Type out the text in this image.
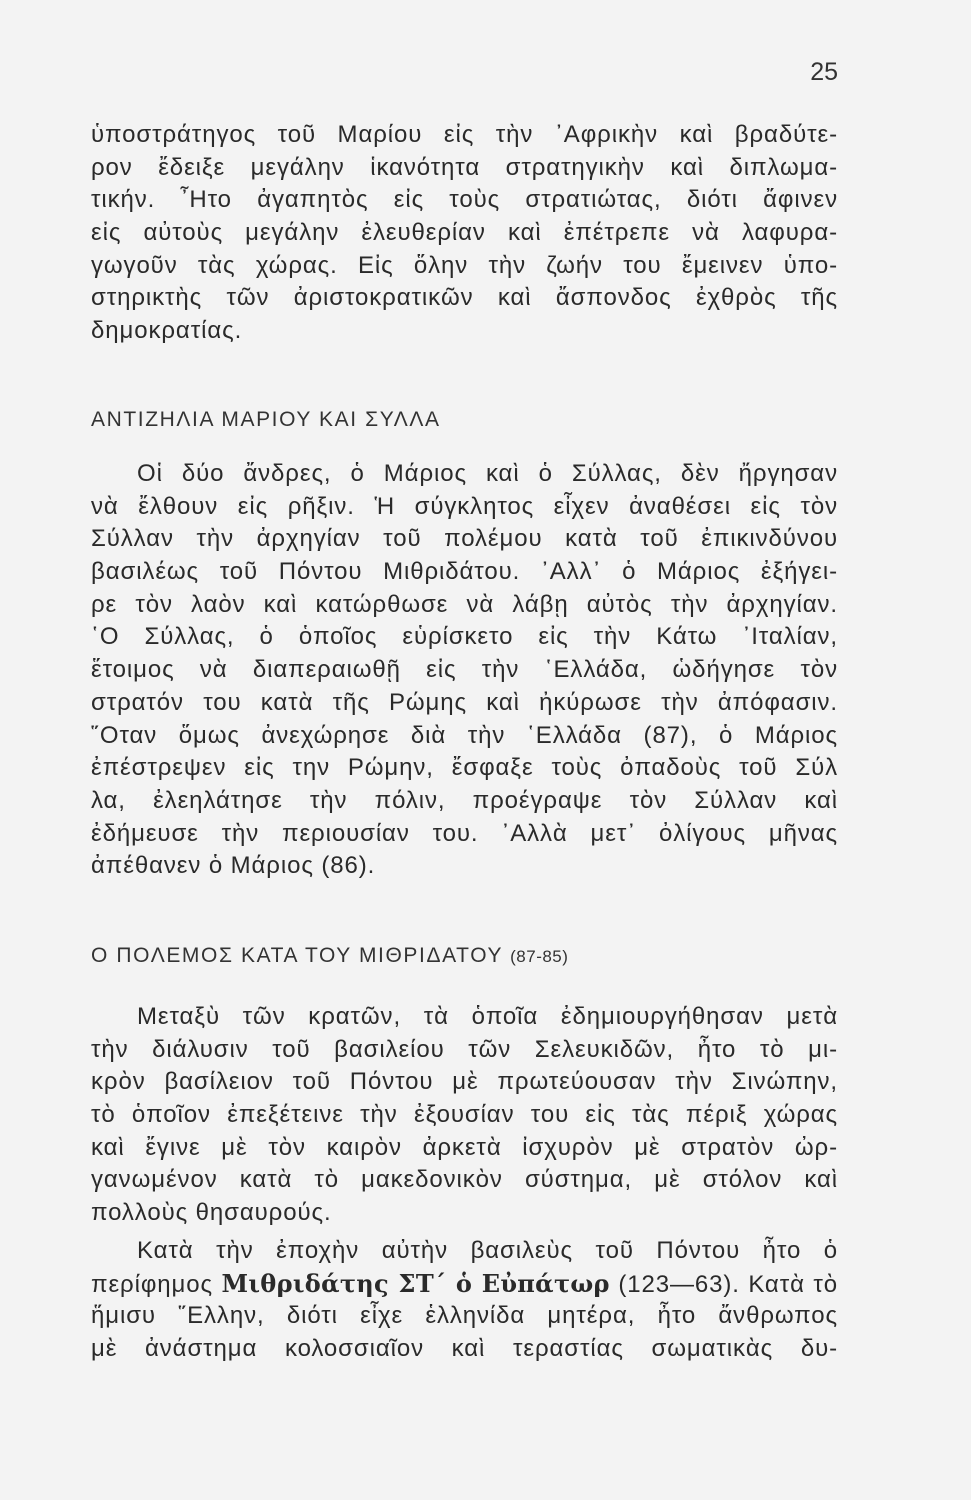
25
ὑποστράτηγος τοῦ Μαρίου εἰς τὴν ᾿Αφρικὴν καὶ βραδύτε-
ρον ἔδειξε μεγάλην ἱκανότητα στρατηγικὴν καὶ διπλωμα-
τικήν. ῏Ητο ἀγαπητὸς εἰς τοὺς στρατιώτας, διότι ἄφινεν
εἰς αὐτοὺς μεγάλην ἐλευθερίαν καὶ ἐπέτρεπε νὰ λαφυρα-
γωγοῦν τὰς χώρας. Εἰς ὅλην τὴν ζωήν του ἔμεινεν ὑπο-
στηρικτὴς τῶν ἀριστοκρατικῶν καὶ ἄσπονδος ἐχθρὸς τῆς
δημοκρατίας.
ΑΝΤΙΖΗΛΙΑ ΜΑΡΙΟΥ ΚΑΙ ΣΥΛΛΑ
Οἱ δύο ἄνδρες, ὁ Μάριος καὶ ὁ Σύλλας, δὲν ἤργησαν
νὰ ἔλθουν εἰς ρῆξιν. Ἡ σύγκλητος εἶχεν ἀναθέσει εἰς τὸν
Σύλλαν τὴν ἀρχηγίαν τοῦ πολέμου κατὰ τοῦ ἐπικινδύνου
βασιλέως τοῦ Πόντου Μιθριδάτου. ᾿Αλλ᾿ ὁ Μάριος ἐξήγει-
ρε τὸν λαὸν καὶ κατώρθωσε νὰ λάβῃ αὐτὸς τὴν ἀρχηγίαν.
῾Ο Σύλλας, ὁ ὁποῖος εὑρίσκετο εἰς τὴν Κάτω ᾿Ιταλίαν,
ἕτοιμος νὰ διαπεραιωθῇ εἰς τὴν ῾Ελλάδα, ὡδήγησε τὸν
στρατόν του κατὰ τῆς Ρώμης καὶ ἠκύρωσε τὴν ἀπόφασιν.
῞Οταν ὅμως ἀνεχώρησε διὰ τὴν ῾Ελλάδα (87), ὁ Μάριος
ἐπέστρεψεν εἰς την Ρώμην, ἔσφαξε τοὺς ὀπαδοὺς τοῦ Σύλ
λα, ἐλεηλάτησε τὴν πόλιν, προέγραψε τὸν Σύλλαν καὶ
ἐδήμευσε τὴν περιουσίαν του. ᾿Αλλὰ μετ᾿ ὀλίγους μῆνας
ἀπέθανεν ὁ Μάριος (86).
Ο ΠΟΛΕΜΟΣ ΚΑΤΑ ΤΟΥ ΜΙΘΡΙΔΑΤΟΥ (87-85)
Μεταξὺ τῶν κρατῶν, τὰ ὁποῖα ἐδημιουργήθησαν μετὰ
τὴν διάλυσιν τοῦ βασιλείου τῶν Σελευκιδῶν, ἦτο τὸ μι-
κρὸν βασίλειον τοῦ Πόντου μὲ πρωτεύουσαν τὴν Σινώπην,
τὸ ὁποῖον ἐπεξέτεινε τὴν ἐξουσίαν του εἰς τὰς πέριξ χώρας
καὶ ἔγινε μὲ τὸν καιρὸν ἀρκετὰ ἰσχυρὸν μὲ στρατὸν ὠρ-
γανωμένον κατὰ τὸ μακεδονικὸν σύστημα, μὲ στόλον καὶ
πολλοὺς θησαυρούς.
Κατὰ τὴν ἐποχὴν αὐτὴν βασιλεὺς τοῦ Πόντου ἦτο ὁ
περίφημος Μιθριδάτης ΣΤ΄ ὁ Εὐπάτωρ (123—63). Κατὰ τὸ
ἥμισυ ῞Ελλην, διότι εἶχε ἑλληνίδα μητέρα, ἦτο ἄνθρωπος
μὲ ἀνάστημα κολοσσιαῖον καὶ τεραστίας σωματικὰς δυ-
